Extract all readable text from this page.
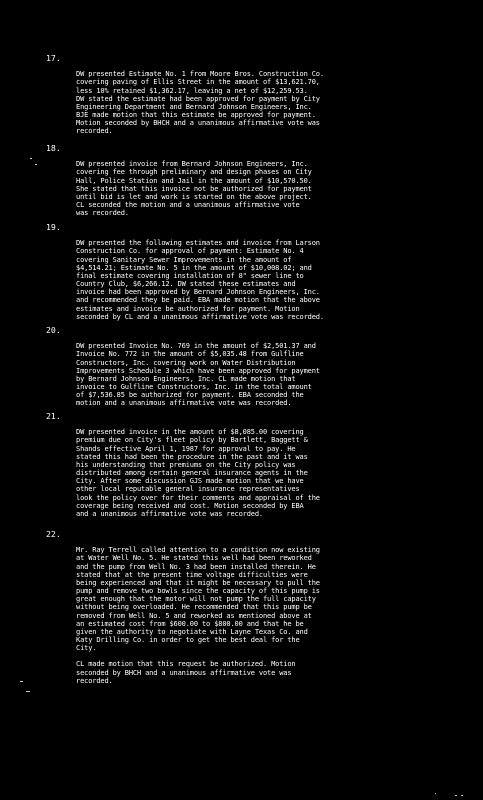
17.

DW presented Estimate No. 1 from Moore Bros. Construction Co.
covering paving of Ellis Street in the amount of $13,621.70,
less 10% retained $1,362.17, leaving a net of $12,259.53.
DW stated the estimate had been approved for payment by City
Engineering Department and Bernard Johnson Engineers, Inc.
BJE made motion that this estimate be approved for payment.
Motion seconded by BHCH and a unanimous affirmative vote was
recorded.

18.

DW presented invoice from Bernard Johnson Engineers, Inc.
covering fee through preliminary and design phases on City
Hall, Police Station and Jail in the amount of $10,570.50.
She stated that this invoice not be authorized for payment
until bid is let and work is started on the above project.
CL seconded the motion and a unanimous affirmative vote
was recorded.

19.

DW presented the following estimates and invoice from Larson
Construction Co. for approval of payment: Estimate No. 4
covering Sanitary Sewer Improvements in the amount of
$4,514.21; Estimate No. 5 in the amount of $10,008.02; and
final estimate covering installation of 8" sewer line to
Country Club, $6,266.12. DW stated these estimates and
invoice had been approved by Bernard Johnson Engineers, Inc.
and recommended they be paid. EBA made motion that the above
estimates and invoice be authorized for payment. Motion
seconded by CL and a unanimous affirmative vote was recorded.

20.

DW presented Invoice No. 769 in the amount of $2,501.37 and
Invoice No. 772 in the amount of $5,035.48 from Gulfline
Constructors, Inc. covering work on Water Distribution
Improvements Schedule 3 which have been approved for payment
by Bernard Johnson Engineers, Inc. CL made motion that
invoice to Gulfline Constructors, Inc. in the total amount
of $7,536.85 be authorized for payment. EBA seconded the
motion and a unanimous affirmative vote was recorded.

21.

DW presented invoice in the amount of $8,085.00 covering
premium due on City's fleet policy by Bartlett, Baggett &
Shands effective April 1, 1987 for approval to pay. He
stated this had been the procedure in the past and it was
his understanding that premiums on the City policy was
distributed among certain general insurance agents in the
City. After some discussion GJS made motion that we have
other local reputable general insurance representatives
look the policy over for their comments and appraisal of the
coverage being received and cost. Motion seconded by EBA
and a unanimous affirmative vote was recorded.

22.

Mr. Ray Terrell called attention to a condition now existing
at Water Well No. 5. He stated this well had been reworked
and the pump from Well No. 3 had been installed therein. He
stated that at the present time voltage difficulties were
being experienced and that it might be necessary to pull the
pump and remove two bowls since the capacity of this pump is
great enough that the motor will not pump the full capacity
without being overloaded. He recommended that this pump be
removed from Well No. 5 and reworked as mentioned above at
an estimated cost from $600.00 to $800.00 and that he be
given the authority to negotiate with Layne Texas Co. and
Katy Drilling Co. in order to get the best deal for the
City.
CL made motion that this request be authorized. Motion
seconded by BHCH and a unanimous affirmative vote was
recorded.
